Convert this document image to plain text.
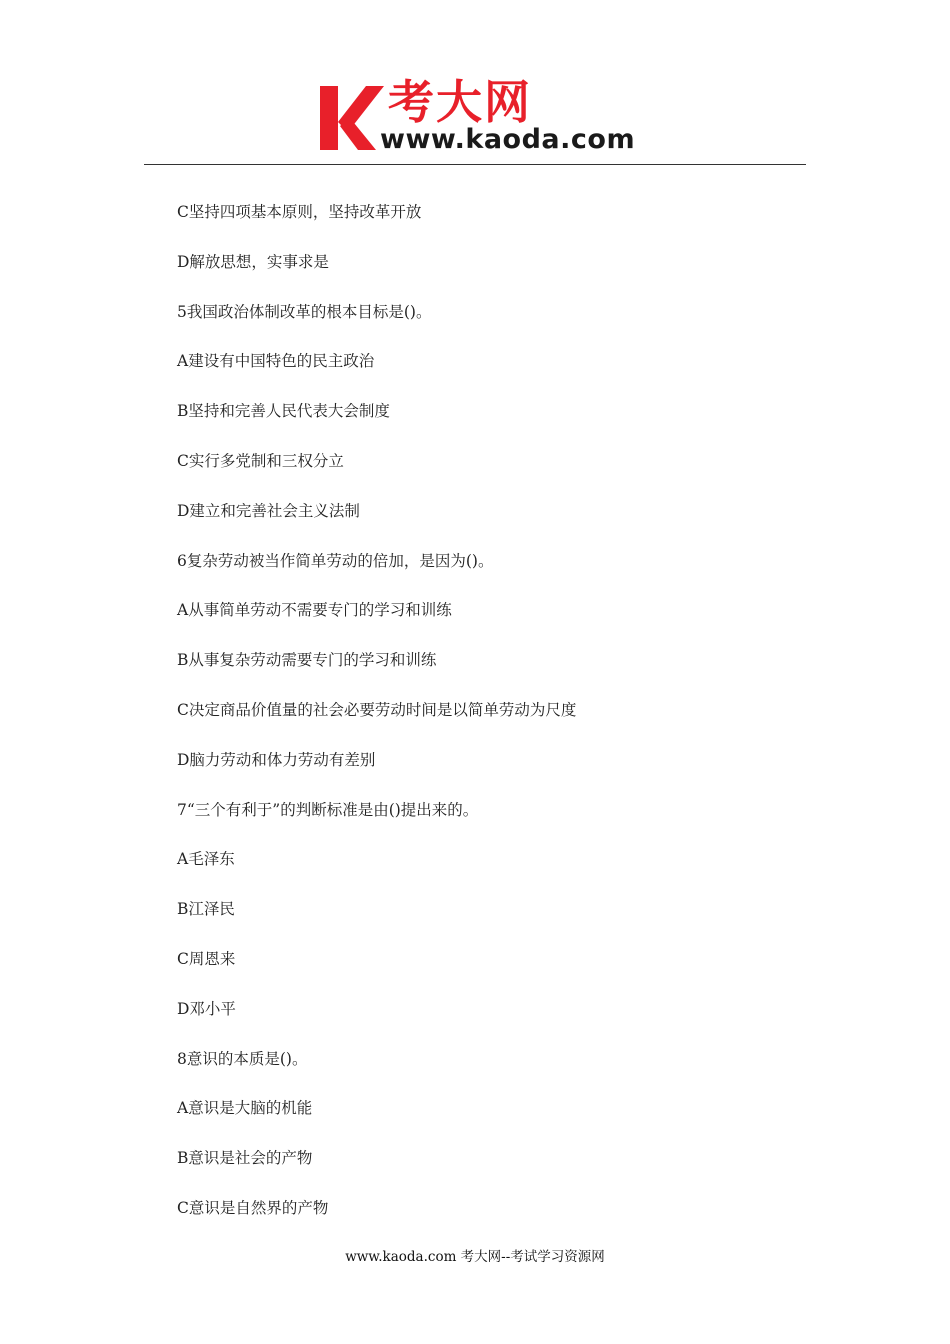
考大网
www.kaoda.com
C坚持四项基本原则，坚持改革开放
D解放思想，实事求是
5我国政治体制改革的根本目标是()。
A建设有中国特色的民主政治
B坚持和完善人民代表大会制度
C实行多党制和三权分立
D建立和完善社会主义法制
6复杂劳动被当作简单劳动的倍加，是因为()。
A从事简单劳动不需要专门的学习和训练
B从事复杂劳动需要专门的学习和训练
C决定商品价值量的社会必要劳动时间是以简单劳动为尺度
D脑力劳动和体力劳动有差别
7“三个有利于”的判断标准是由()提出来的。
A毛泽东
B江泽民
C周恩来
D邓小平
8意识的本质是()。
A意识是大脑的机能
B意识是社会的产物
C意识是自然界的产物
www.kaoda.com 考大网--考试学习资源网
